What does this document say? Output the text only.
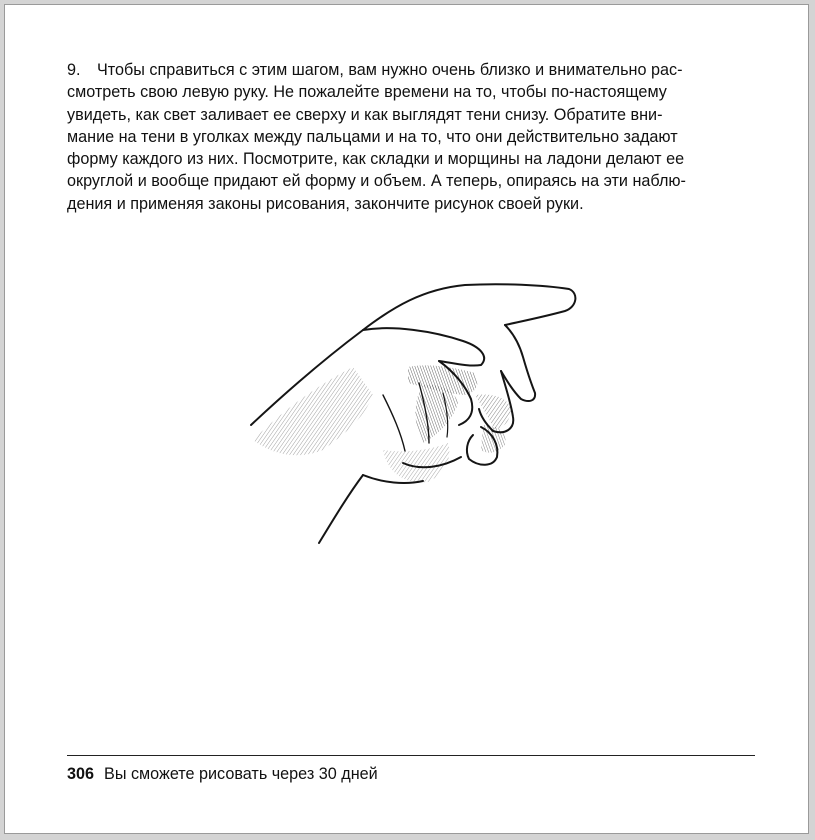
9. Чтобы справиться с этим шагом, вам нужно очень близко и внимательно рас-
смотреть свою левую руку. Не пожалейте времени на то, чтобы по-настоящему
увидеть, как свет заливает ее сверху и как выглядят тени снизу. Обратите вни-
мание на тени в уголках между пальцами и на то, что они действительно задают
форму каждого из них. Посмотрите, как складки и морщины на ладони делают ее
округлой и вообще придают ей форму и объем. А теперь, опираясь на эти наблю-
дения и применяя законы рисования, закончите рисунок своей руки.

306 Вы сможете рисовать через 30 дней
